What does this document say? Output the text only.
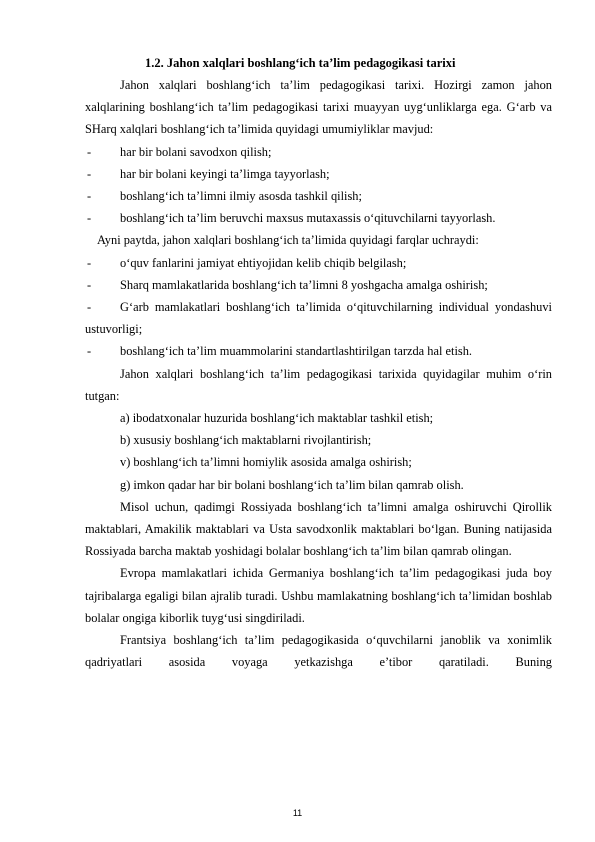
1.2. Jahon xalqlari boshlang‘ich ta’lim pedagogikasi tarixi

Jahon xalqlari boshlang‘ich ta’lim pedagogikasi tarixi. Hozirgi zamon jahon xalqlarining boshlang‘ich ta’lim pedagogikasi tarixi muayyan uyg‘unliklarga ega. G‘arb va SHarq xalqlari boshlang‘ich ta’limida quyidagi umumiyliklar mavjud:

-	har bir bolani savodxon qilish;
-	har bir bolani keyingi ta’limga tayyorlash;
-	boshlang‘ich ta’limni ilmiy asosda tashkil qilish;
-	boshlang‘ich ta’lim beruvchi maxsus mutaxassis o‘qituvchilarni tayyorlash.

Ayni paytda, jahon xalqlari boshlang‘ich ta’limida quyidagi farqlar uchraydi:

-	o‘quv fanlarini jamiyat ehtiyojidan kelib chiqib belgilash;
-	Sharq mamlakatlarida boshlang‘ich ta’limni 8 yoshgacha amalga oshirish;

- G‘arb mamlakatlari boshlang‘ich ta’limida o‘qituvchilarning individual yondashuvi ustuvorligi;

-	boshlang‘ich ta’lim muammolarini standartlashtirilgan tarzda hal etish.

Jahon xalqlari boshlang‘ich ta’lim pedagogikasi tarixida quyidagilar muhim o‘rin tutgan:

a) ibodatxonalar huzurida boshlang‘ich maktablar tashkil etish;
b) xususiy boshlang‘ich maktablarni rivojlantirish;
v) boshlang‘ich ta’limni homiylik asosida amalga oshirish;
g) imkon qadar har bir bolani boshlang‘ich ta’lim bilan qamrab olish.

Misol uchun, qadimgi Rossiyada boshlang‘ich ta’limni amalga oshiruvchi Qirollik maktablari, Amakilik maktablari va Usta savodxonlik maktablari bo‘lgan. Buning natijasida Rossiyada barcha maktab yoshidagi bolalar boshlang‘ich ta’lim bilan qamrab olingan.

Evropa mamlakatlari ichida Germaniya boshlang‘ich ta’lim pedagogikasi juda boy tajribalarga egaligi bilan ajralib turadi. Ushbu mamlakatning boshlang‘ich ta’limidan boshlab bolalar ongiga kiborlik tuyg‘usi singdiriladi.

Frantsiya boshlang‘ich ta’lim pedagogikasida o‘quvchilarni janoblik va xonimlik qadriyatlari asosida voyaga yetkazishga e’tibor qaratiladi. Buning

11
